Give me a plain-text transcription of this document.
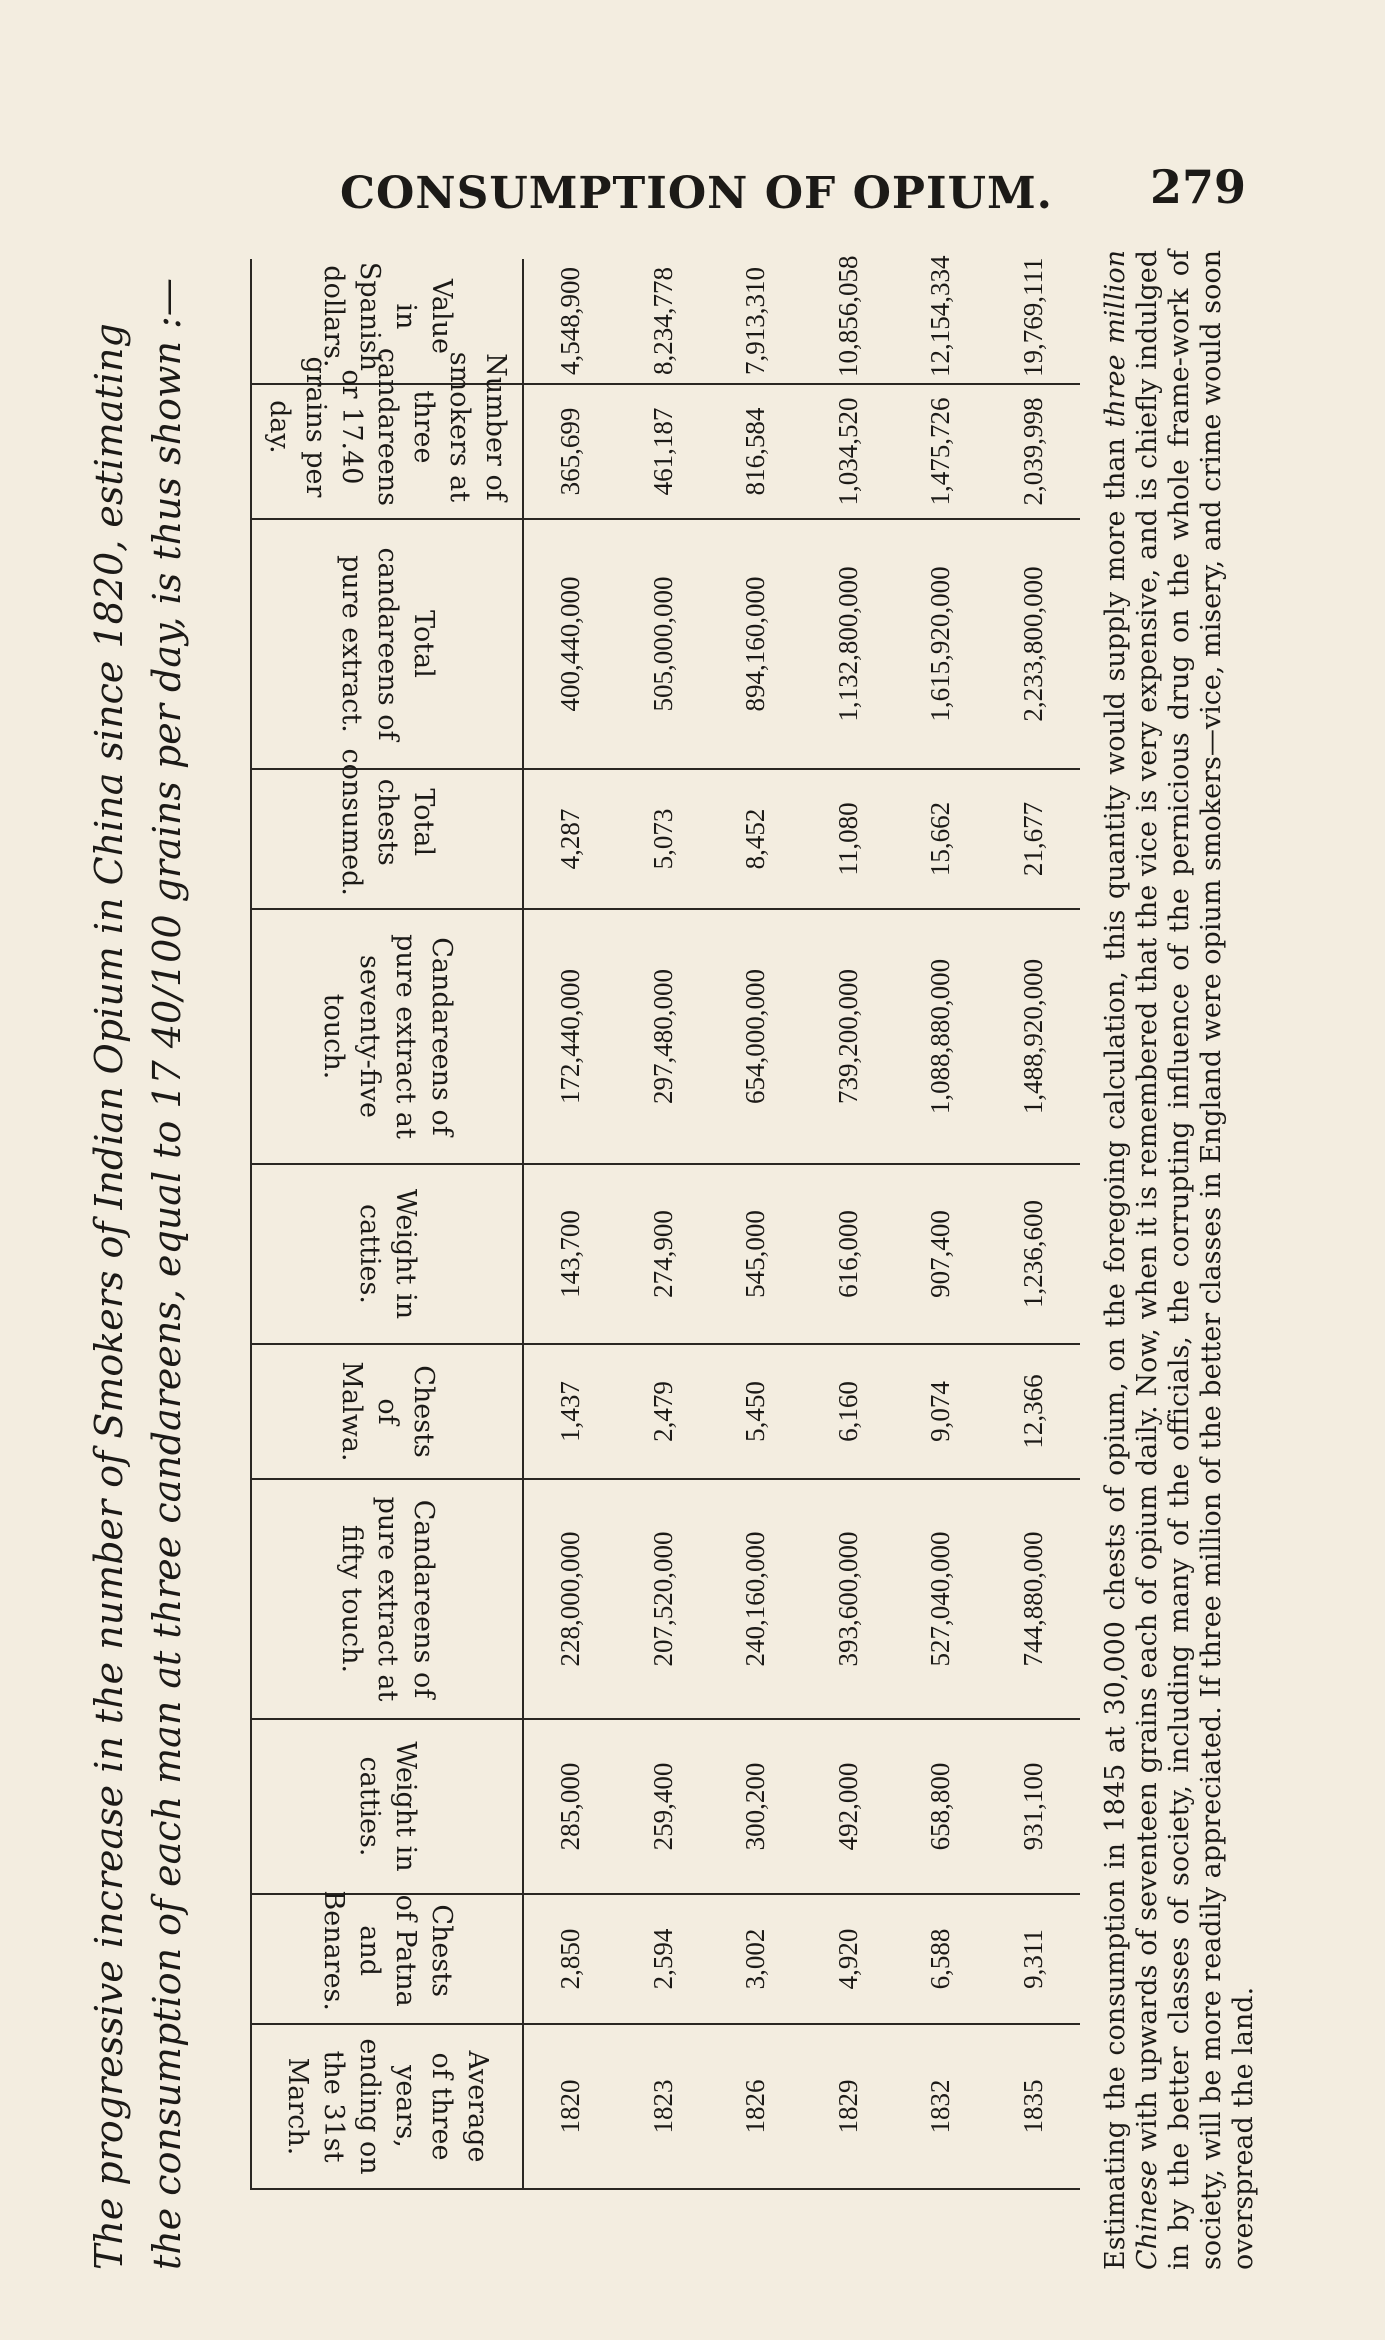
CONSUMPTION OF OPIUM. 279
The progressive increase in the number of Smokers of Indian Opium in China since 1820, estimating the consumption of each man at three candareens, equal to 17 40/100 grains per day, is thus shown :—	Average of three years, ending on the 31st March.	Chests of Patna and Benares.	Weight in catties.	Candareens of pure extract at fifty touch.	Chests of Malwa.	Weight in catties.	Candareens of pure extract at seventy-five touch.	Total chests consumed.	Total candareens of pure extract.	Number of smokers at three candareens or 17.40 grains per day.	Value in Spanish dollars.
1820	2,850	285,000	228,000,000	1,437	143,700	172,440,000	4,287	400,440,000	365,699	4,548,900
1823	2,594	259,400	207,520,000	2,479	274,900	297,480,000	5,073	505,000,000	461,187	8,234,778
1826	3,002	300,200	240,160,000	5,450	545,000	654,000,000	8,452	894,160,000	816,584	7,913,310
1829	4,920	492,000	393,600,000	6,160	616,000	739,200,000	11,080	1,132,800,000	1,034,520	10,856,058
1832	6,588	658,800	527,040,000	9,074	907,400	1,088,880,000	15,662	1,615,920,000	1,475,726	12,154,334
1835	9,311	931,100	744,880,000	12,366	1,236,600	1,488,920,000	21,677	2,233,800,000	2,039,998	19,769,111
Estimating the consumption in 1845 at 30,000 chests of opium, on the foregoing calculation, this quantity would supply more than three million Chinese with upwards of seventeen grains each of opium daily. Now, when it is remembered that the vice is very expensive, and is chiefly indulged in by the better classes of society, including many of the officials, the corrupting influence of the pernicious drug on the whole frame-work of society, will be more readily appreciated. If three million of the better classes in England were opium smokers—vice, misery, and crime would soon overspread the land.
